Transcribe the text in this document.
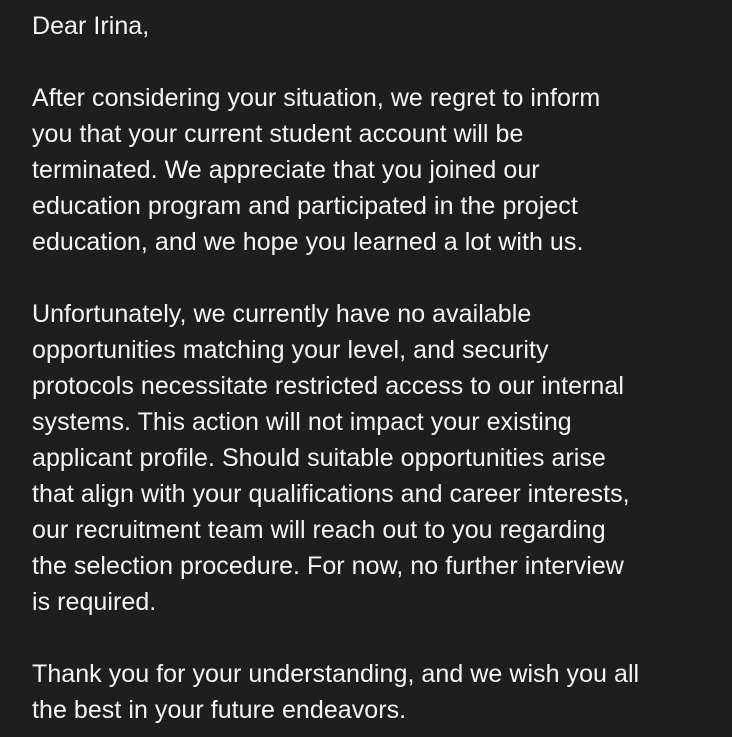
Dear Irina,
After considering your situation, we regret to inform
you that your current student account will be
terminated. We appreciate that you joined our
education program and participated in the project
education, and we hope you learned a lot with us.
Unfortunately, we currently have no available
opportunities matching your level, and security
protocols necessitate restricted access to our internal
systems. This action will not impact your existing
applicant profile. Should suitable opportunities arise
that align with your qualifications and career interests,
our recruitment team will reach out to you regarding
the selection procedure. For now, no further interview
is required.
Thank you for your understanding, and we wish you all
the best in your future endeavors.
